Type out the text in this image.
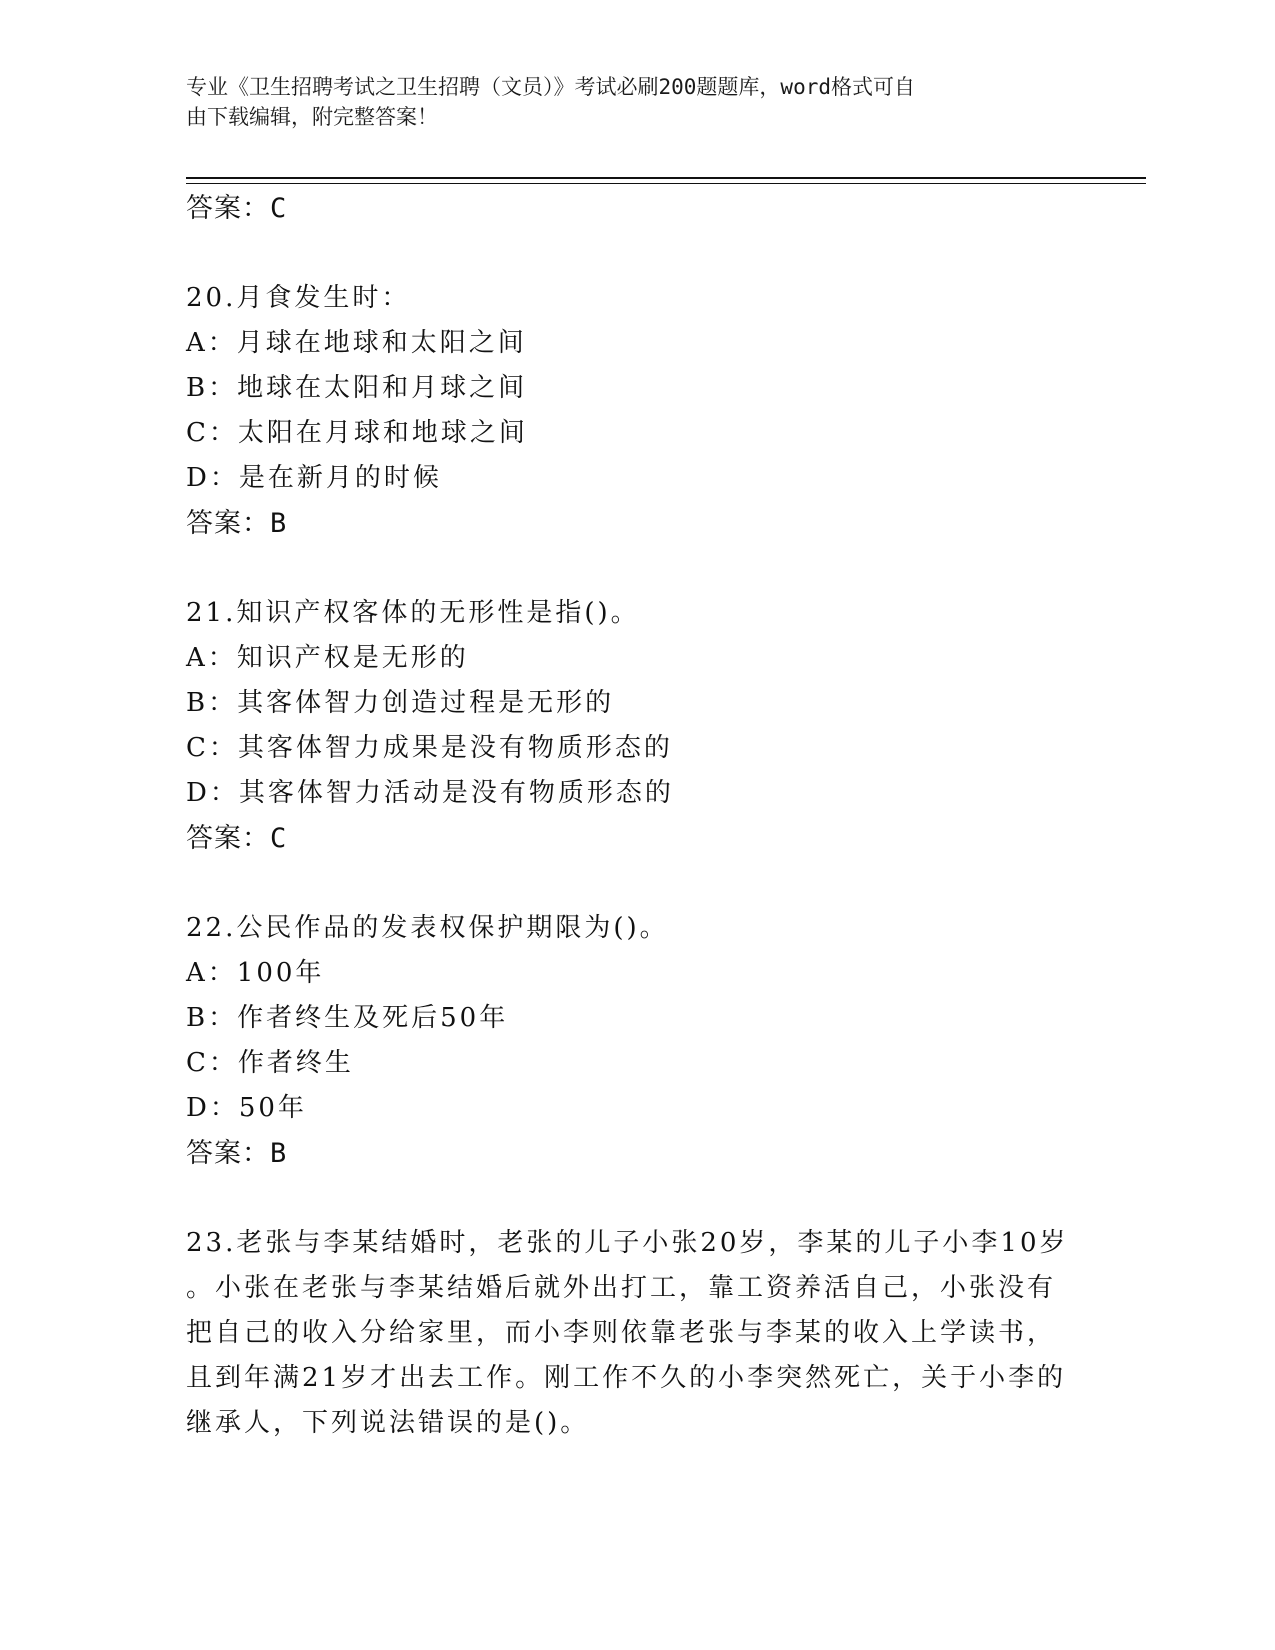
专业《卫生招聘考试之卫生招聘（文员）》考试必刷200题题库，word格式可自
由下载编辑，附完整答案！
答案：C
20.月食发生时：
A：月球在地球和太阳之间
B：地球在太阳和月球之间
C：太阳在月球和地球之间
D：是在新月的时候
答案：B
21.知识产权客体的无形性是指()。
A：知识产权是无形的
B：其客体智力创造过程是无形的
C：其客体智力成果是没有物质形态的
D：其客体智力活动是没有物质形态的
答案：C
22.公民作品的发表权保护期限为()。
A：100年
B：作者终生及死后50年
C：作者终生
D：50年
答案：B
23.老张与李某结婚时，老张的儿子小张20岁，李某的儿子小李10岁
。小张在老张与李某结婚后就外出打工，靠工资养活自己，小张没有
把自己的收入分给家里，而小李则依靠老张与李某的收入上学读书，
且到年满21岁才出去工作。刚工作不久的小李突然死亡，关于小李的
继承人，下列说法错误的是()。
